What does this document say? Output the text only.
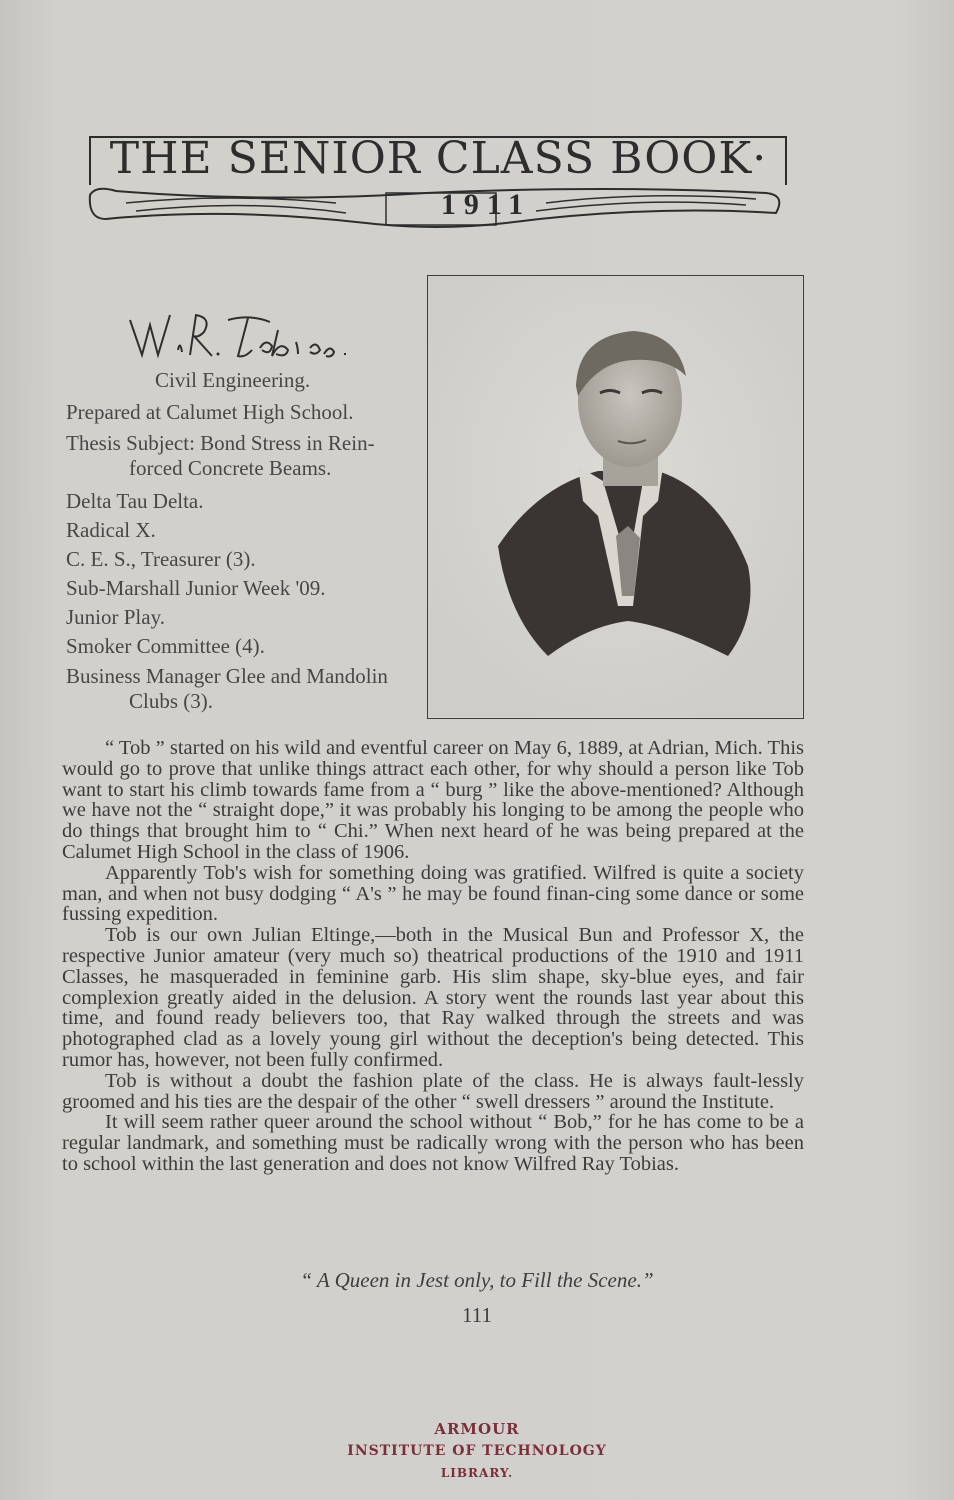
THE SENIOR CLASS BOOK·
1911
Civil Engineering.
Prepared at Calumet High School.
Thesis Subject: Bond Stress in Rein-
forced Concrete Beams.
Delta Tau Delta.
Radical X.
C. E. S., Treasurer (3).
Sub-Marshall Junior Week '09.
Junior Play.
Smoker Committee (4).
Business Manager Glee and Mandolin
Clubs (3).

“ Tob ” started on his wild and eventful career on May 6, 1889, at Adrian, Mich. This would go to prove that unlike things attract each other, for why should a person like Tob want to start his climb towards fame from a “ burg ” like the above-mentioned? Although we have not the “ straight dope,” it was probably his longing to be among the people who do things that brought him to “ Chi.” When next heard of he was being prepared at the Calumet High School in the class of 1906.

Apparently Tob's wish for something doing was gratified. Wilfred is quite a society man, and when not busy dodging “ A's ” he may be found finan-cing some dance or some fussing expedition.

Tob is our own Julian Eltinge,—both in the Musical Bun and Professor X, the respective Junior amateur (very much so) theatrical productions of the 1910 and 1911 Classes, he masqueraded in feminine garb. His slim shape, sky-blue eyes, and fair complexion greatly aided in the delusion. A story went the rounds last year about this time, and found ready believers too, that Ray walked through the streets and was photographed clad as a lovely young girl without the deception's being detected. This rumor has, however, not been fully confirmed.

Tob is without a doubt the fashion plate of the class. He is always fault-lessly groomed and his ties are the despair of the other “ swell dressers ” around the Institute.

It will seem rather queer around the school without “ Bob,” for he has come to be a regular landmark, and something must be radically wrong with the person who has been to school within the last generation and does not know Wilfred Ray Tobias.

“ A Queen in Jest only, to Fill the Scene.”
111
ARMOUR
INSTITUTE OF TECHNOLOGY
LIBRARY.
